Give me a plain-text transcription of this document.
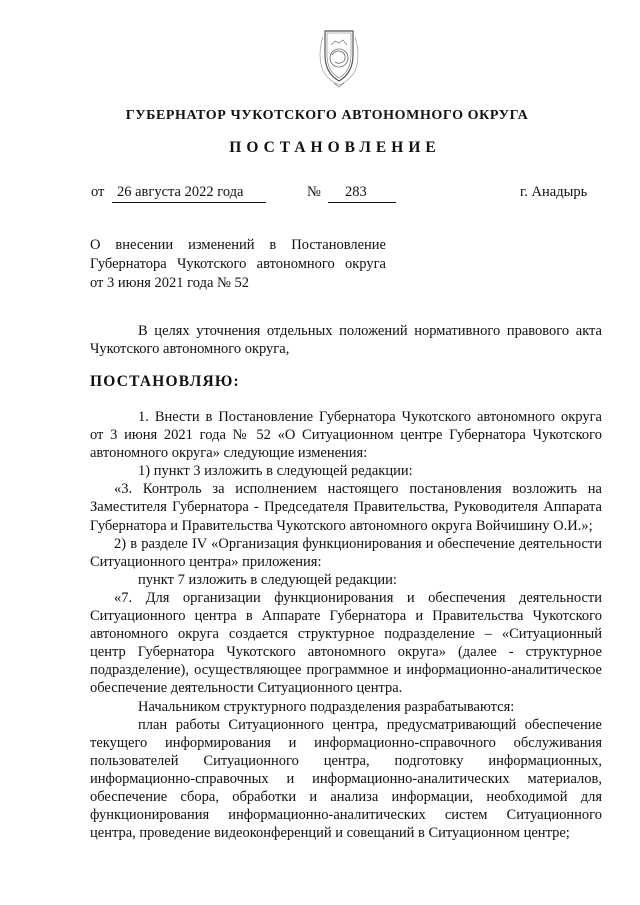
ГУБЕРНАТОР ЧУКОТСКОГО АВТОНОМНОГО ОКРУГА
ПОСТАНОВЛЕНИЕ
от 26 августа 2022 года	№ 283	г. Анадырь
О внесении изменений в Постановление
Губернатора Чукотского автономного округа
от 3 июня 2021 года № 52
В целях уточнения отдельных положений нормативного правового акта Чукотского автономного округа,
ПОСТАНОВЛЯЮ:
1. Внести в Постановление Губернатора Чукотского автономного округа от 3 июня 2021 года № 52 «О Ситуационном центре Губернатора Чукотского автономного округа» следующие изменения:
1) пункт 3 изложить в следующей редакции:
«3. Контроль за исполнением настоящего постановления возложить на Заместителя Губернатора - Председателя Правительства, Руководителя Аппарата Губернатора и Правительства Чукотского автономного округа Войчишину О.И.»;
2) в разделе IV «Организация функционирования и обеспечение деятельности Ситуационного центра» приложения:
пункт 7 изложить в следующей редакции:
«7. Для организации функционирования и обеспечения деятельности Ситуационного центра в Аппарате Губернатора и Правительства Чукотского автономного округа создается структурное подразделение – «Ситуационный центр Губернатора Чукотского автономного округа» (далее - структурное подразделение), осуществляющее программное и информационно-аналитическое обеспечение деятельности Ситуационного центра.
Начальником структурного подразделения разрабатываются:
план работы Ситуационного центра, предусматривающий обеспечение текущего информирования и информационно-справочного обслуживания пользователей Ситуационного центра, подготовку информационных, информационно-справочных и информационно-аналитических материалов, обеспечение сбора, обработки и анализа информации, необходимой для функционирования информационно-аналитических систем Ситуационного центра, проведение видеоконференций и совещаний в Ситуационном центре;
